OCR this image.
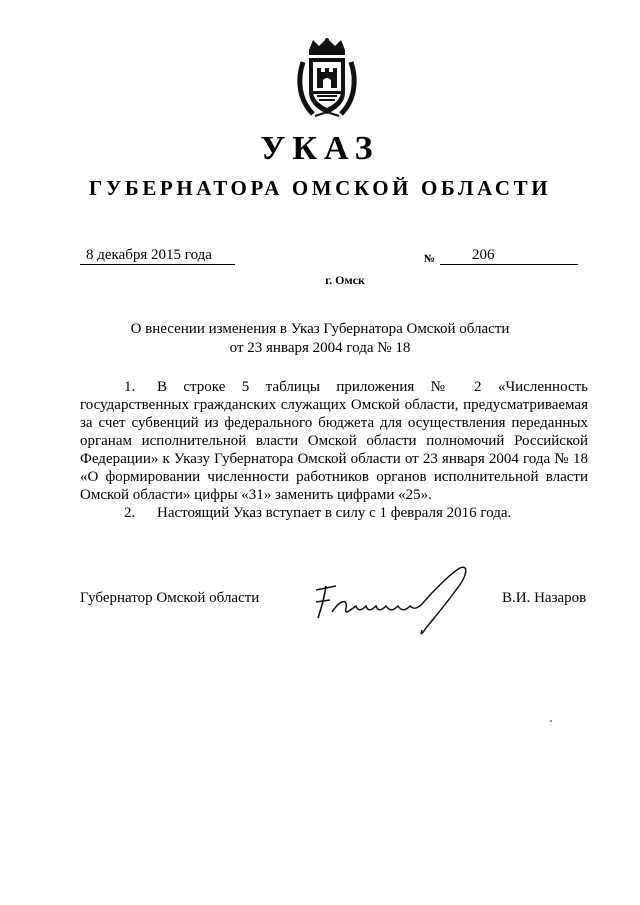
УКАЗ
ГУБЕРНАТОРА ОМСКОЙ ОБЛАСТИ
8 декабря 2015 года	№	206
г. Омск
О внесении изменения в Указ Губернатора Омской области
от 23 января 2004 года № 18

1. В строке 5 таблицы приложения № 2 «Численность государственных гражданских служащих Омской области, предусматриваемая за счет субвенций из федерального бюджета для осуществления переданных органам исполнительной власти Омской области полномочий Российской Федерации» к Указу Губернатора Омской области от 23 января 2004 года № 18 «О формировании численности работников органов исполнительной власти Омской области» цифры «31» заменить цифрами «25».

2. Настоящий Указ вступает в силу с 1 февраля 2016 года.

Губернатор Омской области	В.И. Назаров
